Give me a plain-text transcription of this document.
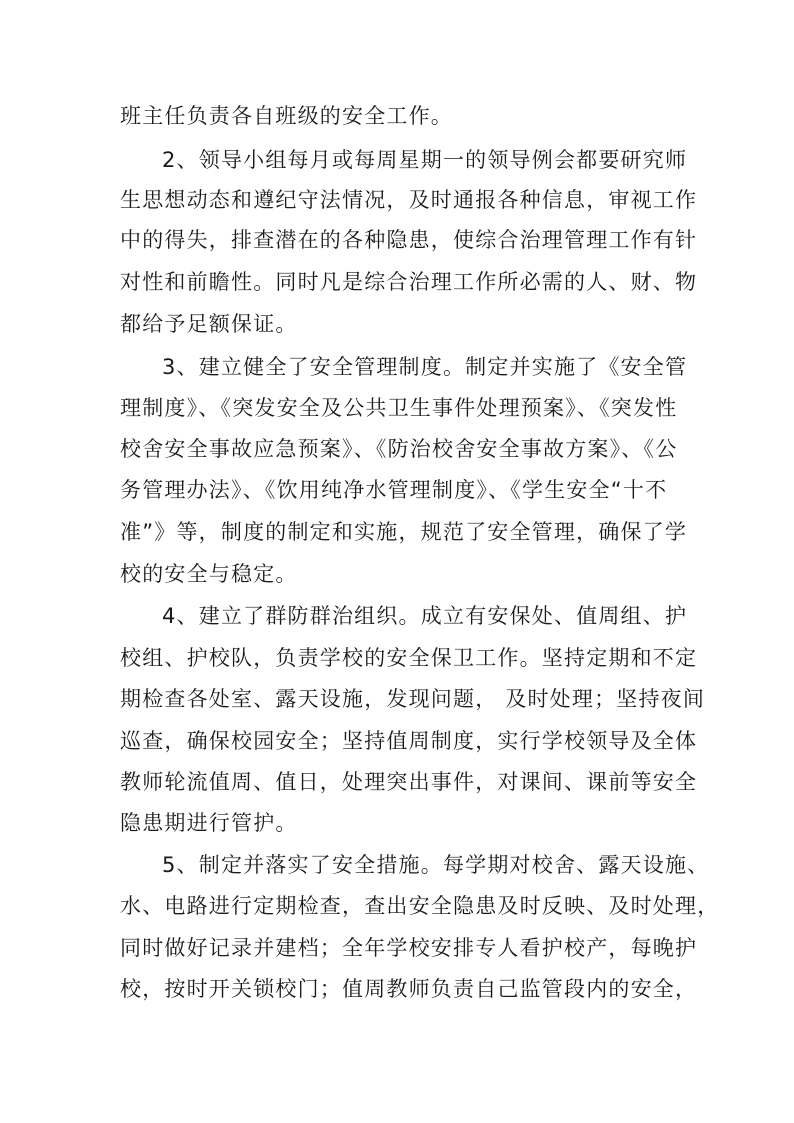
班主任负责各自班级的安全工作。
2、领导小组每月或每周星期一的领导例会都要研究师
生思想动态和遵纪守法情况，及时通报各种信息，审视工作
中的得失，排查潜在的各种隐患，使综合治理管理工作有针
对性和前瞻性。同时凡是综合治理工作所必需的人、财、物
都给予足额保证。
3、建立健全了安全管理制度。制定并实施了《安全管
理制度》、《突发安全及公共卫生事件处理预案》、《突发性
校舍安全事故应急预案》、《防治校舍安全事故方案》、《公
务管理办法》、《饮用纯净水管理制度》、《学生安全“十不
准”》等，制度的制定和实施，规范了安全管理，确保了学
校的安全与稳定。
4、建立了群防群治组织。成立有安保处、值周组、护
校组、护校队，负责学校的安全保卫工作。坚持定期和不定
期检查各处室、露天设施，发现问题， 及时处理；坚持夜间
巡查，确保校园安全；坚持值周制度，实行学校领导及全体
教师轮流值周、值日，处理突出事件，对课间、课前等安全
隐患期进行管护。
5、制定并落实了安全措施。每学期对校舍、露天设施、
水、电路进行定期检查，查出安全隐患及时反映、及时处理，
同时做好记录并建档；全年学校安排专人看护校产，每晚护
校，按时开关锁校门；值周教师负责自己监管段内的安全，
